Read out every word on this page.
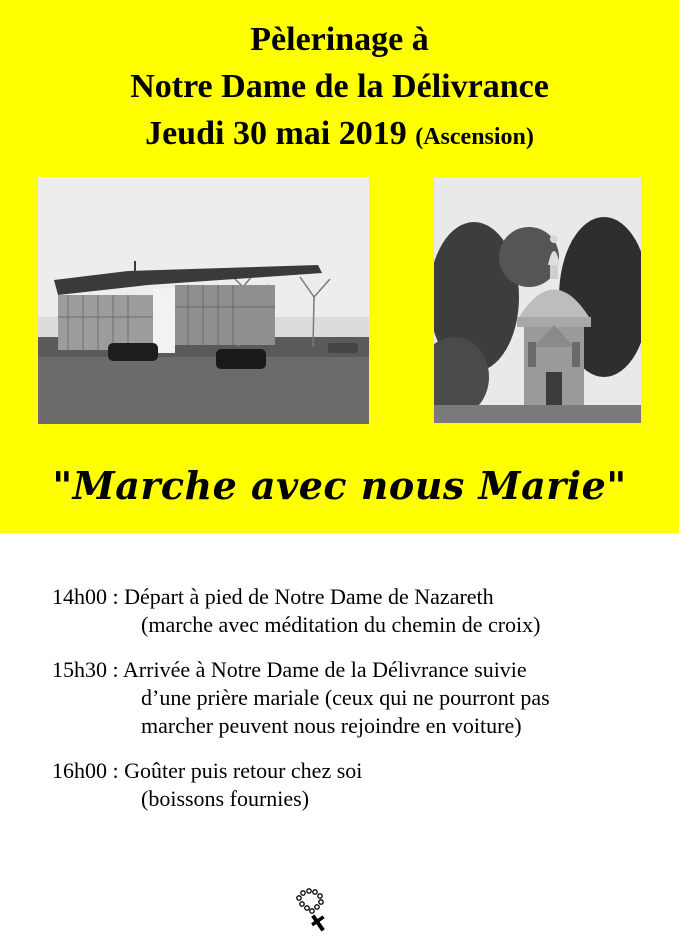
Pèlerinage à
Notre Dame de la Délivrance
Jeudi 30 mai 2019 (Ascension)
"Marche avec nous Marie"
14h00 : Départ à pied de Notre Dame de Nazareth
(marche avec méditation du chemin de croix)
15h30 : Arrivée à Notre Dame de la Délivrance suivie
d’une prière mariale (ceux qui ne pourront pas
marcher peuvent nous rejoindre en voiture)
16h00 : Goûter puis retour chez soi
(boissons fournies)
